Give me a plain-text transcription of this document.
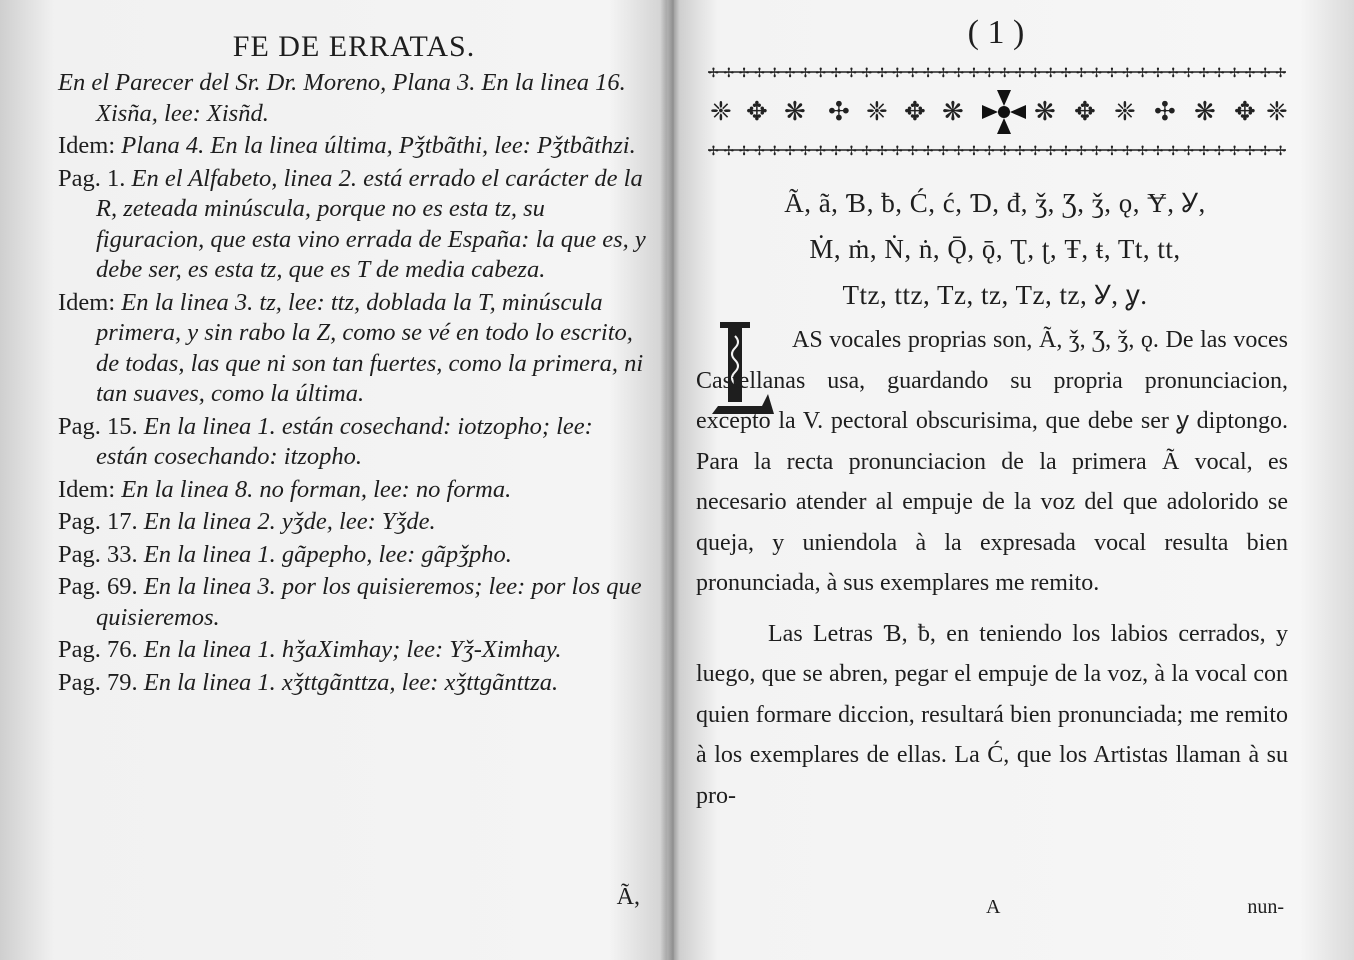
FE DE ERRATAS.

En el Parecer del Sr. Dr. Moreno, Plana 3. En la linea 16. Xisña, lee: Xisñd.

Idem: Plana 4. En la linea última, Pǯtbãthi, lee: Pǯtbãthzi.

Pag. 1. En el Alfabeto, linea 2. está errado el carácter de la R, zeteada minúscula, porque no es esta tz, su figuracion, que esta vino errada de España: la que es, y debe ser, es esta tz, que es T de media cabeza.

Idem: En la linea 3. tz, lee: ttz, doblada la T, minúscula primera, y sin rabo la Z, como se vé en todo lo escrito, de todas, las que ni son tan fuertes, como la primera, ni tan suaves, como la última.

Pag. 15. En la linea 1. están cosechand: iotzopho; lee: están cosechando: itzopho.

Idem: En la linea 8. no forman, lee: no forma.

Pag. 17. En la linea 2. yǯde, lee: Yǯde.

Pag. 33. En la linea 1. gãpepho, lee: gãpǯpho.

Pag. 69. En la linea 3. por los quisieremos; lee: por los que quisieremos.

Pag. 76. En la linea 1. hǯaXimhay; lee: Yǯ-Ximhay.

Pag. 79. En la linea 1. xǯttgãnttza, lee: xǯttgãnttza.

Ã,
( 1 )
✢✢✢✢✢✢✢✢✢✢✢✢✢✢✢✢✢✢✢✢✢✢✢✢✢✢✢✢✢✢✢✢✢✢✢✢✢✢
✢✢✢✢✢✢✢✢✢✢✢✢✢✢✢✢✢✢✢✢✢✢✢✢✢✢✢✢✢✢✢✢✢✢✢✢✢✢
❈ ✥ ❋ ✣ ❈ ✥ ❋	❋ ✥ ❈ ✣ ❋ ✥ ❈
Ã, ã, Ɓ, ƀ, Ć, ć, Ɗ, đ, ǯ, Ʒ, ǯ, ǫ, Ɏ, Ỿ,
Ṁ, ṁ, Ṅ, ṅ, Ǭ, ǭ, Ʈ, ʈ, Ŧ, ŧ, Tt, tt,
Ttz, ttz, Tz, tz, Tz, tz, Ỿ, ỿ.
L

AS vocales proprias son, Ã, ǯ, Ʒ, ǯ, ǫ. De las voces Castellanas usa, guardando su propria pronunciacion, excepto la V. pectoral obscurisima, que debe ser ỿ diptongo. Para la recta pronunciacion de la primera Ã vocal, es necesario atender al empuje de la voz del que adolorido se queja, y uniendola à la expresada vocal resulta bien pronunciada, à sus exemplares me remito.

Las Letras Ɓ, ƀ, en teniendo los labios cerrados, y luego, que se abren, pegar el empuje de la voz, à la vocal con quien formare diccion, resultará bien pronunciada; me remito à los exemplares de ellas. La Ć, que los Artistas llaman à su pro-

A	nun-
